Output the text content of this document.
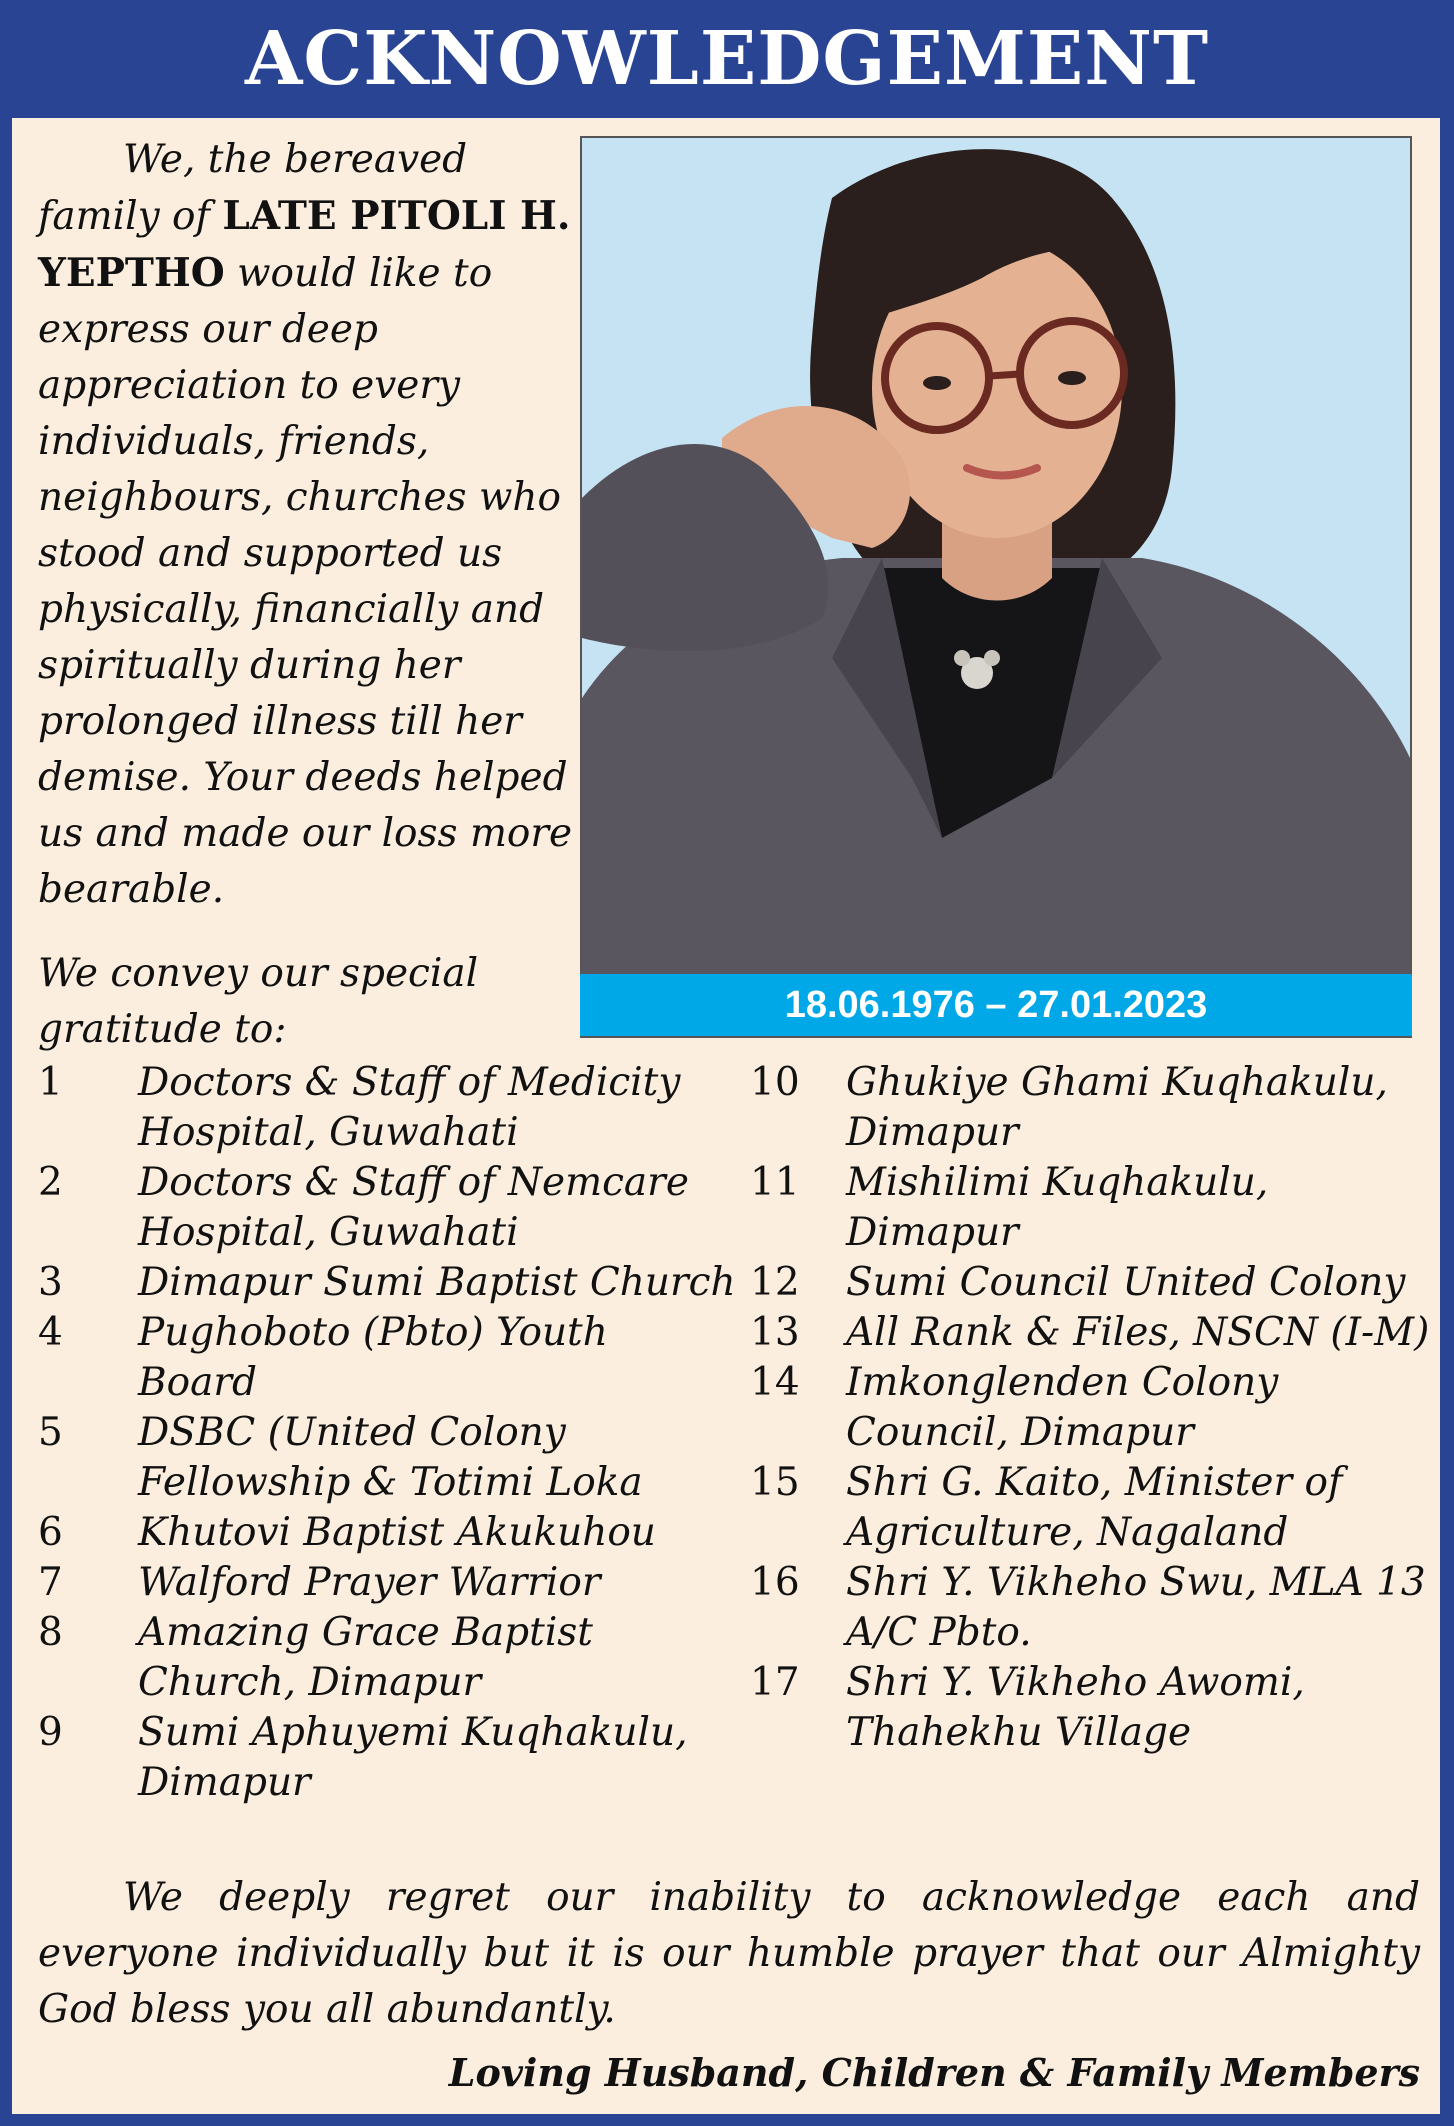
ACKNOWLEDGEMENT

We, the bereaved family of LATE PITOLI H. YEPTHO would like to express our deep appreciation to every individuals, friends, neighbours, churches who stood and supported us physically, financially and spiritually during her prolonged illness till her demise. Your deeds helped us and made our loss more bearable.

We convey our special gratitude to:

18.06.1976 – 27.01.2023
1	Doctors & Staff of Medicity Hospital, Guwahati
2	Doctors & Staff of Nemcare Hospital, Guwahati
3	Dimapur Sumi Baptist Church
4	Pughoboto (Pbto) Youth Board
5	DSBC (United Colony Fellowship & Totimi Loka
6	Khutovi Baptist Akukuhou
7	Walford Prayer Warrior
8	Amazing Grace Baptist Church, Dimapur
9	Sumi Aphuyemi Kuqhakulu, Dimapur
10	Ghukiye Ghami Kuqhakulu, Dimapur
11	Mishilimi Kuqhakulu, Dimapur
12	Sumi Council United Colony
13	All Rank & Files, NSCN (I-M)
14	Imkonglenden Colony Council, Dimapur
15	Shri G. Kaito, Minister of Agriculture, Nagaland
16	Shri Y. Vikheho Swu, MLA 13 A/C Pbto.
17	Shri Y. Vikheho Awomi, Thahekhu Village
We deeply regret our inability to acknowledge each and everyone individually but it is our humble prayer that our Almighty God bless you all abundantly.
Loving Husband, Children & Family Members
